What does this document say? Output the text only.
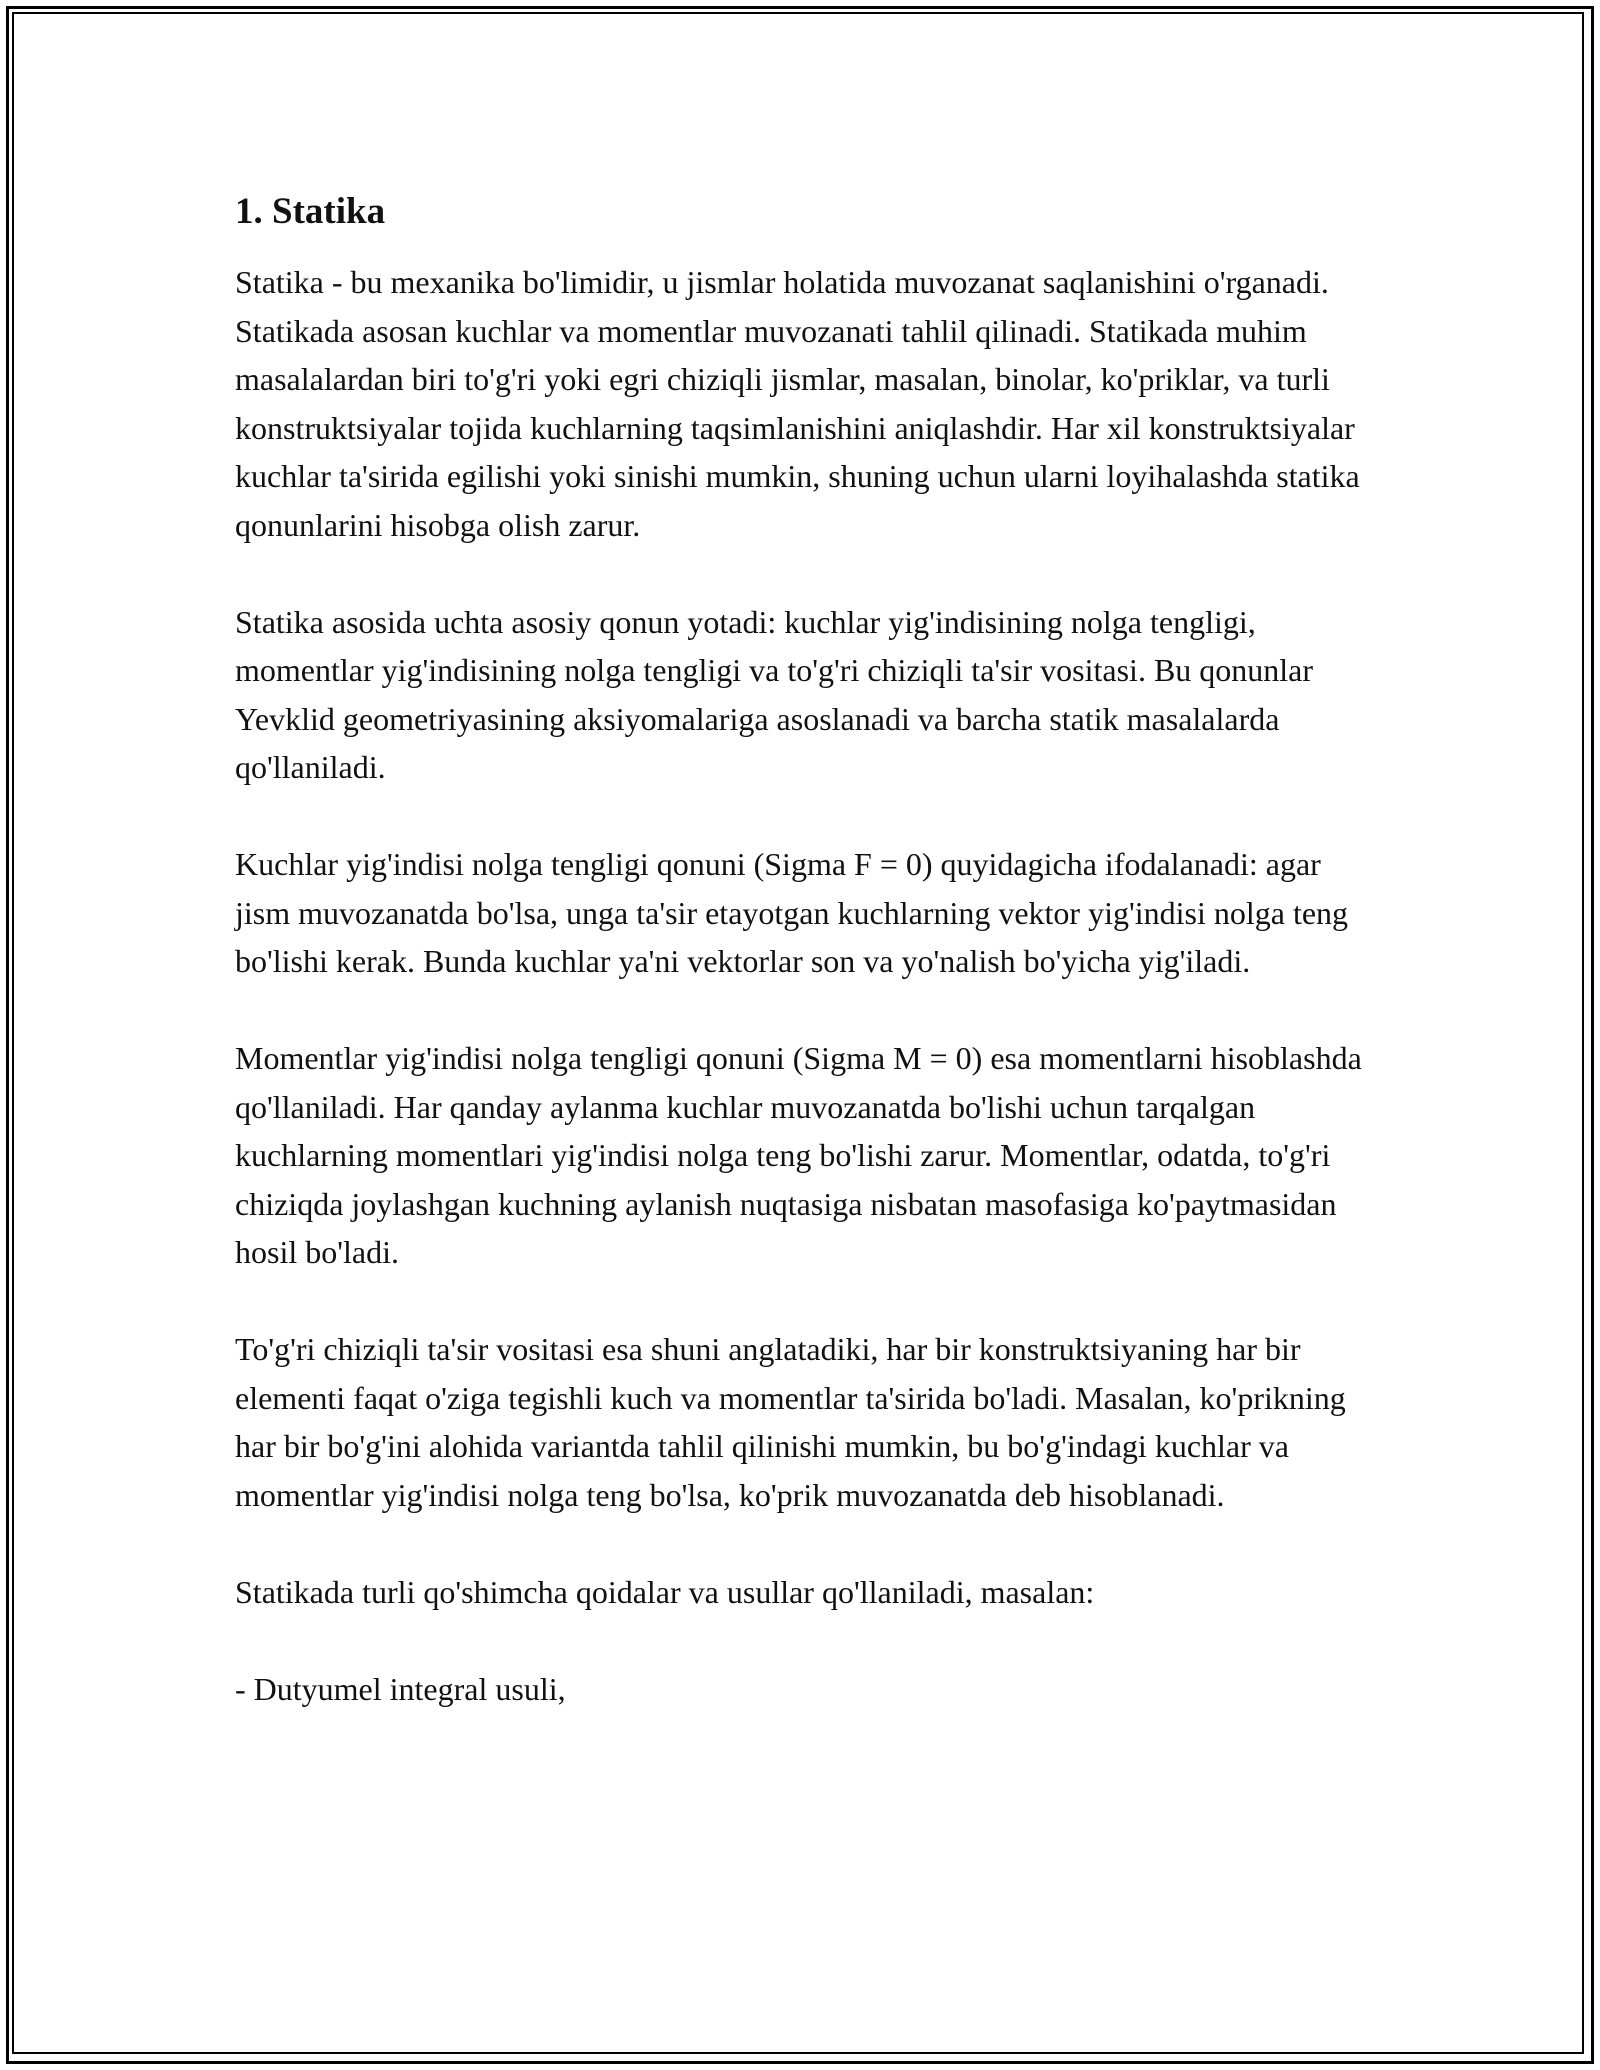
1. Statika

Statika - bu mexanika bo'limidir, u jismlar holatida muvozanat saqlanishini o'rganadi. Statikada asosan kuchlar va momentlar muvozanati tahlil qilinadi. Statikada muhim masalalardan biri to'g'ri yoki egri chiziqli jismlar, masalan, binolar, ko'priklar, va turli konstruktsiyalar tojida kuchlarning taqsimlanishini aniqlashdir. Har xil konstruktsiyalar kuchlar ta'sirida egilishi yoki sinishi mumkin, shuning uchun ularni loyihalashda statika qonunlarini hisobga olish zarur.

Statika asosida uchta asosiy qonun yotadi: kuchlar yig'indisining nolga tengligi, momentlar yig'indisining nolga tengligi va to'g'ri chiziqli ta'sir vositasi. Bu qonunlar Yevklid geometriyasining aksiyomalariga asoslanadi va barcha statik masalalarda qo'llaniladi.

Kuchlar yig'indisi nolga tengligi qonuni (Sigma F = 0) quyidagicha ifodalanadi: agar jism muvozanatda bo'lsa, unga ta'sir etayotgan kuchlarning vektor yig'indisi nolga teng bo'lishi kerak. Bunda kuchlar ya'ni vektorlar son va yo'nalish bo'yicha yig'iladi.

Momentlar yig'indisi nolga tengligi qonuni (Sigma M = 0) esa momentlarni hisoblashda qo'llaniladi. Har qanday aylanma kuchlar muvozanatda bo'lishi uchun tarqalgan kuchlarning momentlari yig'indisi nolga teng bo'lishi zarur. Momentlar, odatda, to'g'ri chiziqda joylashgan kuchning aylanish nuqtasiga nisbatan masofasiga ko'paytmasidan hosil bo'ladi.

To'g'ri chiziqli ta'sir vositasi esa shuni anglatadiki, har bir konstruktsiyaning har bir elementi faqat o'ziga tegishli kuch va momentlar ta'sirida bo'ladi. Masalan, ko'prikning har bir bo'g'ini alohida variantda tahlil qilinishi mumkin, bu bo'g'indagi kuchlar va momentlar yig'indisi nolga teng bo'lsa, ko'prik muvozanatda deb hisoblanadi.

Statikada turli qo'shimcha qoidalar va usullar qo'llaniladi, masalan:

- Dutyumel integral usuli,
